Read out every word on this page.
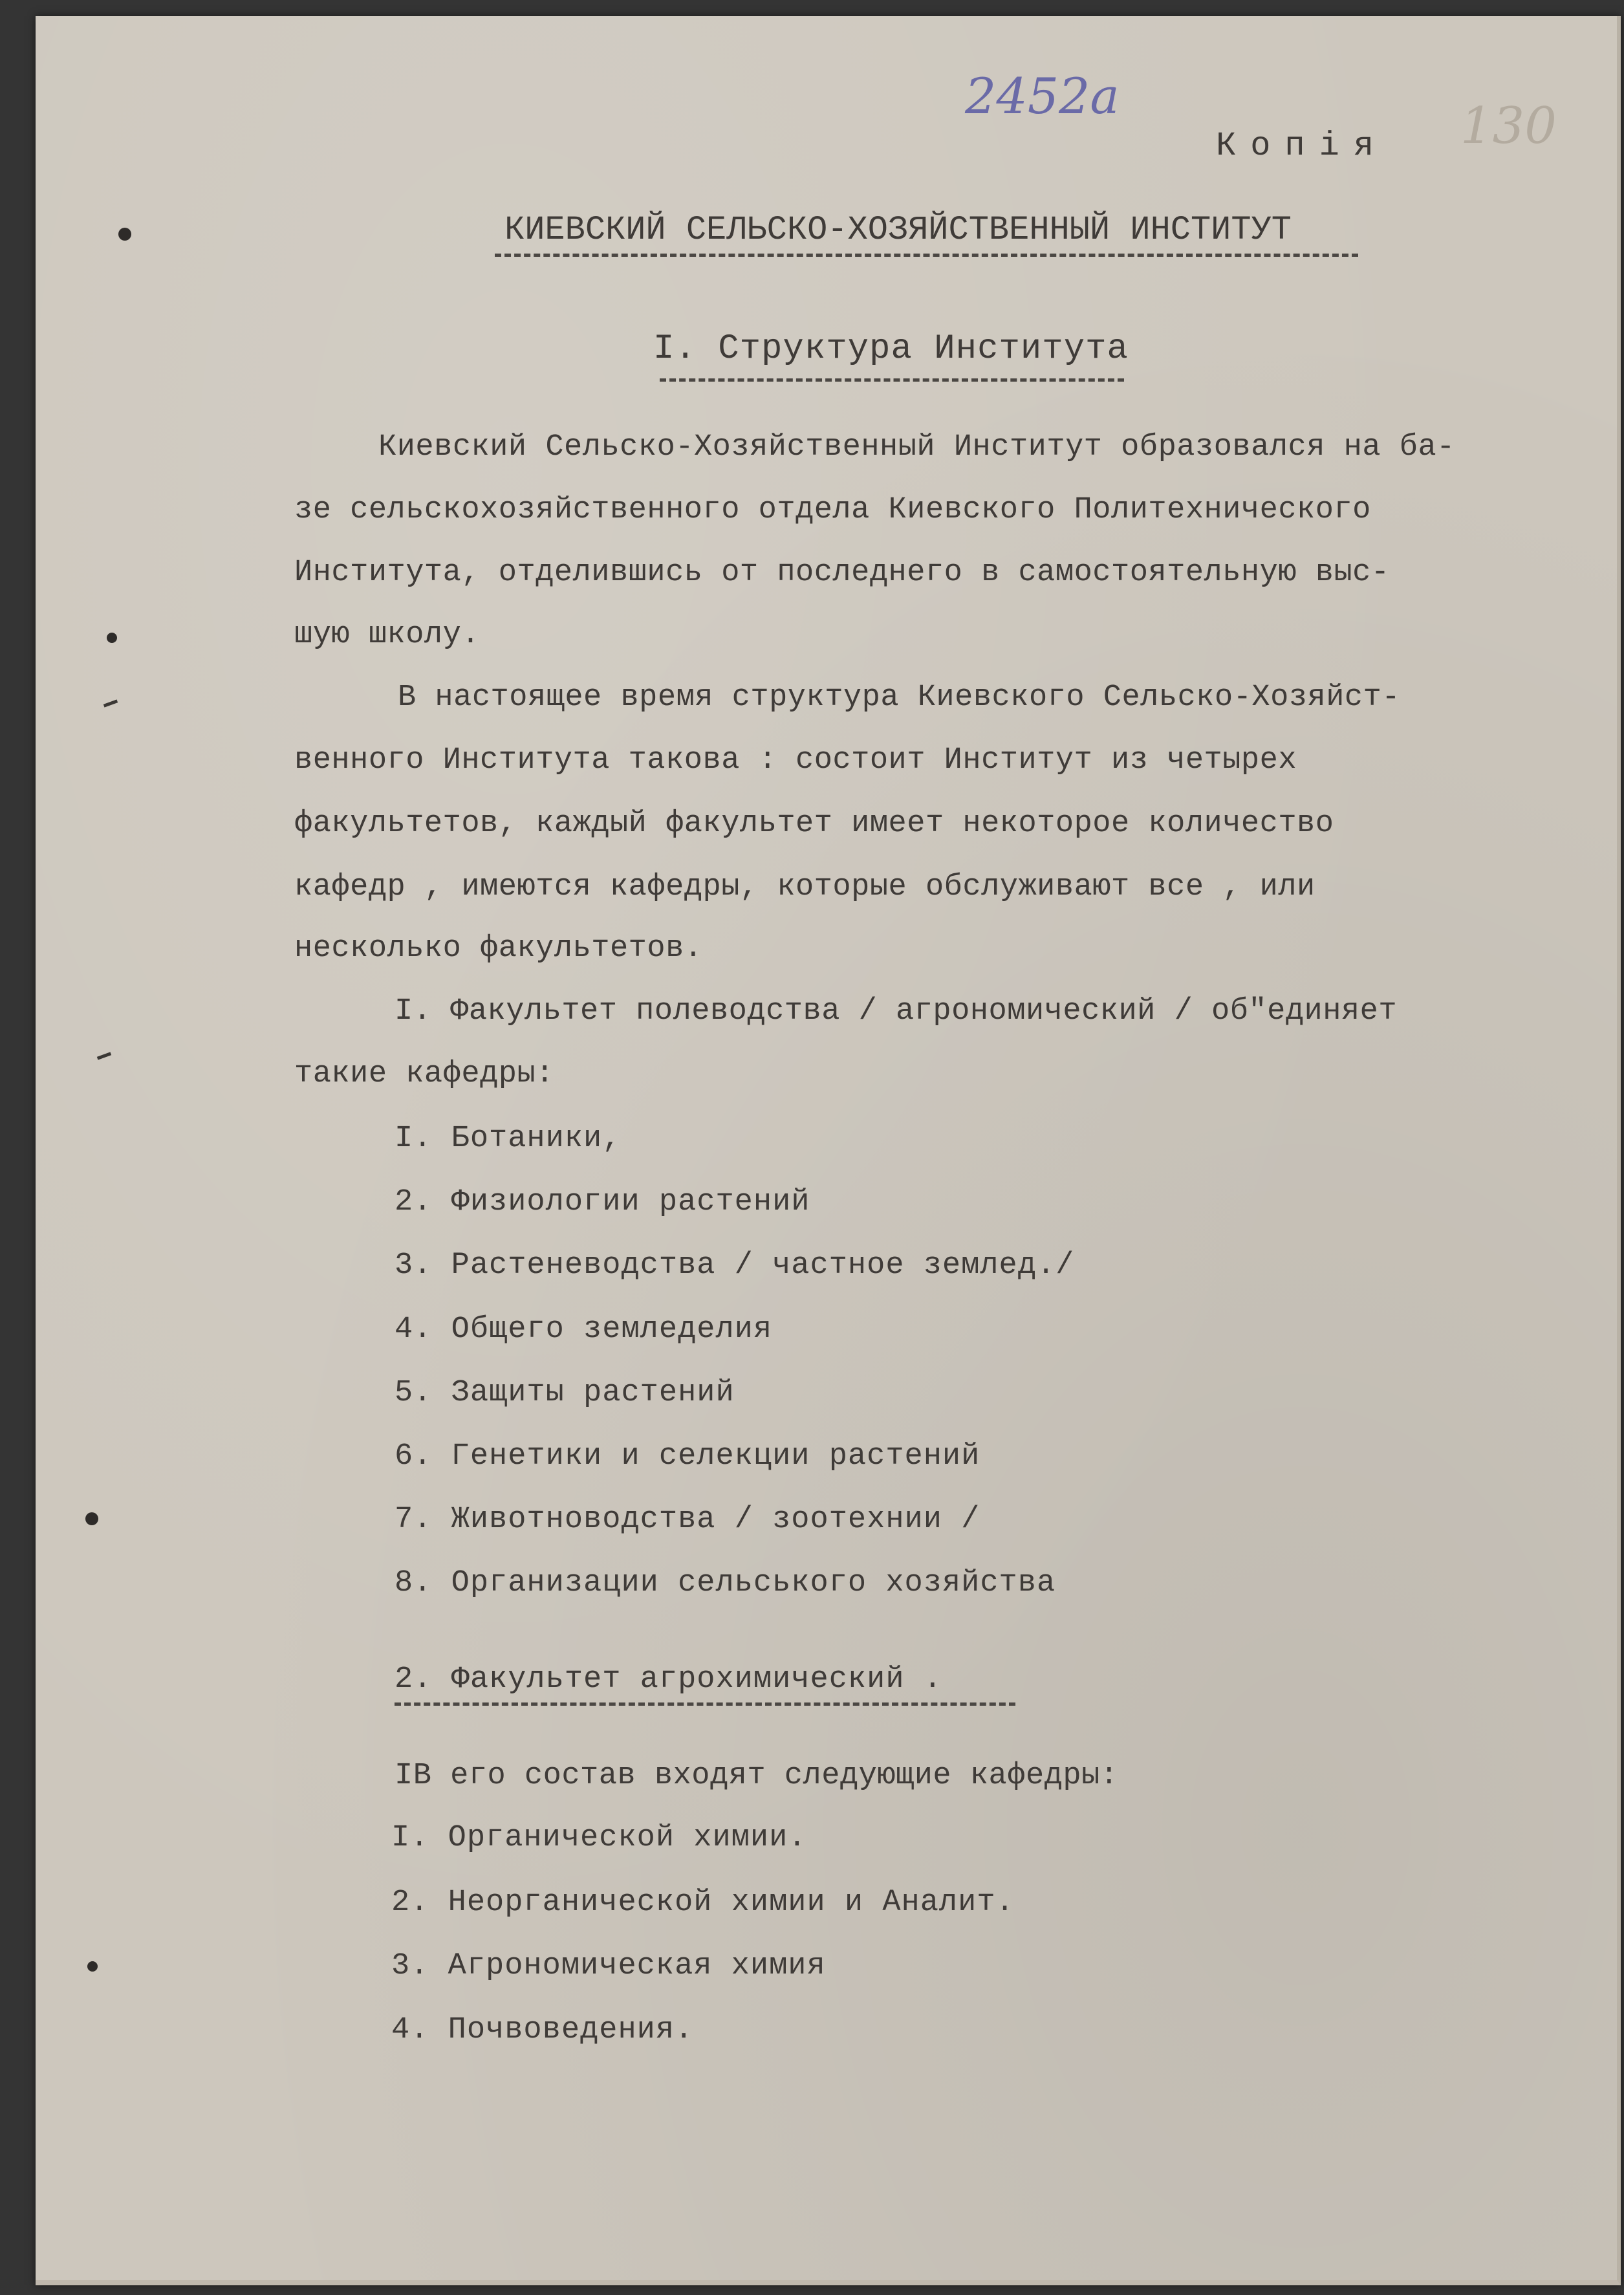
2452a
130
Копія
КИЕВСКИЙ СЕЛЬСКО-ХОЗЯЙСТВЕННЫЙ ИНСТИТУТ
I. Структура Института
Киевский Сельско-Хозяйственный Институт образовался на ба-
зе сельскохозяйственного отдела Киевского Политехнического
Института, отделившись от последнего в самостоятельную выс-
шую школу.
В настоящее время структура Киевского Сельско-Хозяйст-
венного Института такова : состоит Институт из четырех
факультетов, каждый факультет имеет некоторое количество
кафедр , имеются кафедры, которые обслуживают все , или
несколько факультетов.
I. Факультет полеводства / агрономический / об"единяет
такие кафедры:
I. Ботаники,
2. Физиологии растений
3. Растеневодства / частное землед./
4. Общего земледелия
5. Защиты растений
6. Генетики и селекции растений
7. Животноводства / зоотехнии /
8. Организации сельського хозяйства
2. Факультет агрохимический .
IВ его состав входят следующие кафедры:
I. Органической химии.
2. Неорганической химии и Аналит.
3. Агрономическая химия
4. Почвоведения.
